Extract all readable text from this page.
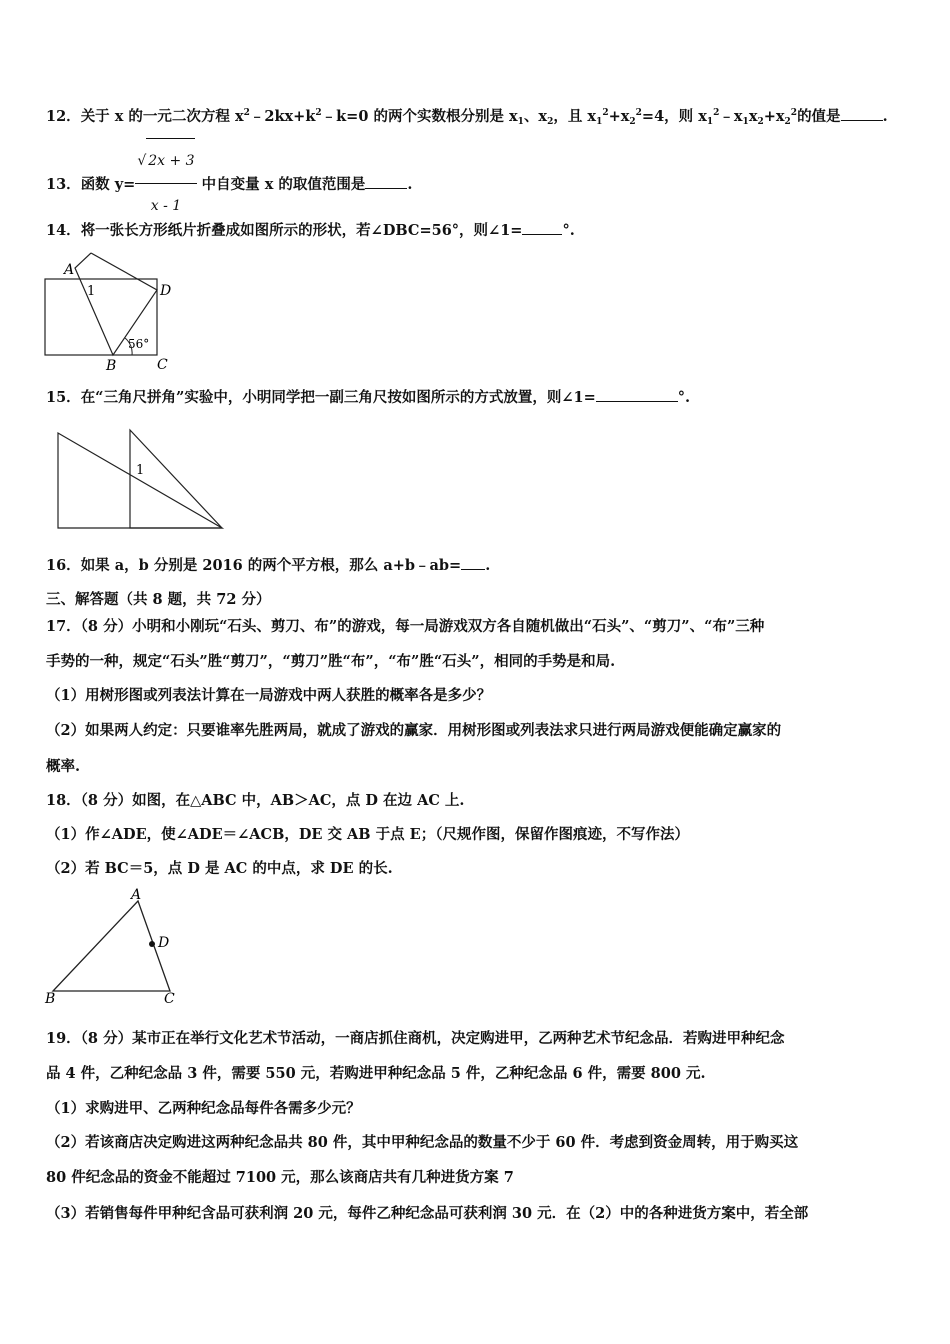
12．关于 x 的一元二次方程 $x^2﹣2kx+k^2﹣k=0$ 的两个实数根分别是 $x_1$、$x_2$，且 $x_1^2+x_2^2=4$，则 $x_1^2﹣x_1x_2+x_2^2$的值是	.
13．函数 $y= \frac{√ 2x + 3}{x - 1}$ 中自变量 x 的取值范围是	.
14．将一张长方形纸片折叠成如图所示的形状，若∠DBC=56°，则∠1=	°.
A
D
B	C
1
56°
15．在“三角尺拼角”实验中，小明同学把一副三角尺按如图所示的方式放置，则∠1=	°.
1
16．如果 a，b 分别是 2016 的两个平方根，那么 a+b﹣ab= .
三、解答题（共 8 题，共 72 分）
17．（8 分）小明和小刚玩“石头、剪刀、布”的游戏，每一局游戏双方各自随机做出“石头”、“剪刀”、“布”三种
手势的一种，规定“石头”胜“剪刀”，“剪刀”胜“布”，“布”胜“石头”，相同的手势是和局.
（1）用树形图或列表法计算在一局游戏中两人获胜的概率各是多少？
（2）如果两人约定：只要谁率先胜两局，就成了游戏的赢家．用树形图或列表法求只进行两局游戏便能确定赢家的
概率.
18．（8 分）如图，在△ABC 中，AB＞AC，点 D 在边 AC 上.
（1）作∠ADE，使∠ADE＝∠ACB，DE 交 AB 于点 E；（尺规作图，保留作图痕迹，不写作法）
（2）若 BC＝5，点 D 是 AC 的中点，求 DE 的长.
A
B	C
D
19．（8 分）某市正在举行文化艺术节活动，一商店抓住商机，决定购进甲，乙两种艺术节纪念品．若购进甲种纪念
品 4 件，乙种纪念品 3 件，需要 550 元，若购进甲种纪念品 5 件，乙种纪念品 6 件，需要 800 元.
（1）求购进甲、乙两种纪念品每件各需多少元？
（2）若该商店决定购进这两种纪念品共 80 件，其中甲种纪念品的数量不少于 60 件．考虑到资金周转，用于购买这
80 件纪念品的资金不能超过 7100 元，那么该商店共有几种进货方案 7
（3）若销售每件甲种纪含品可获利润 20 元，每件乙种纪念品可获利润 30 元．在（2）中的各种进货方案中，若全部
